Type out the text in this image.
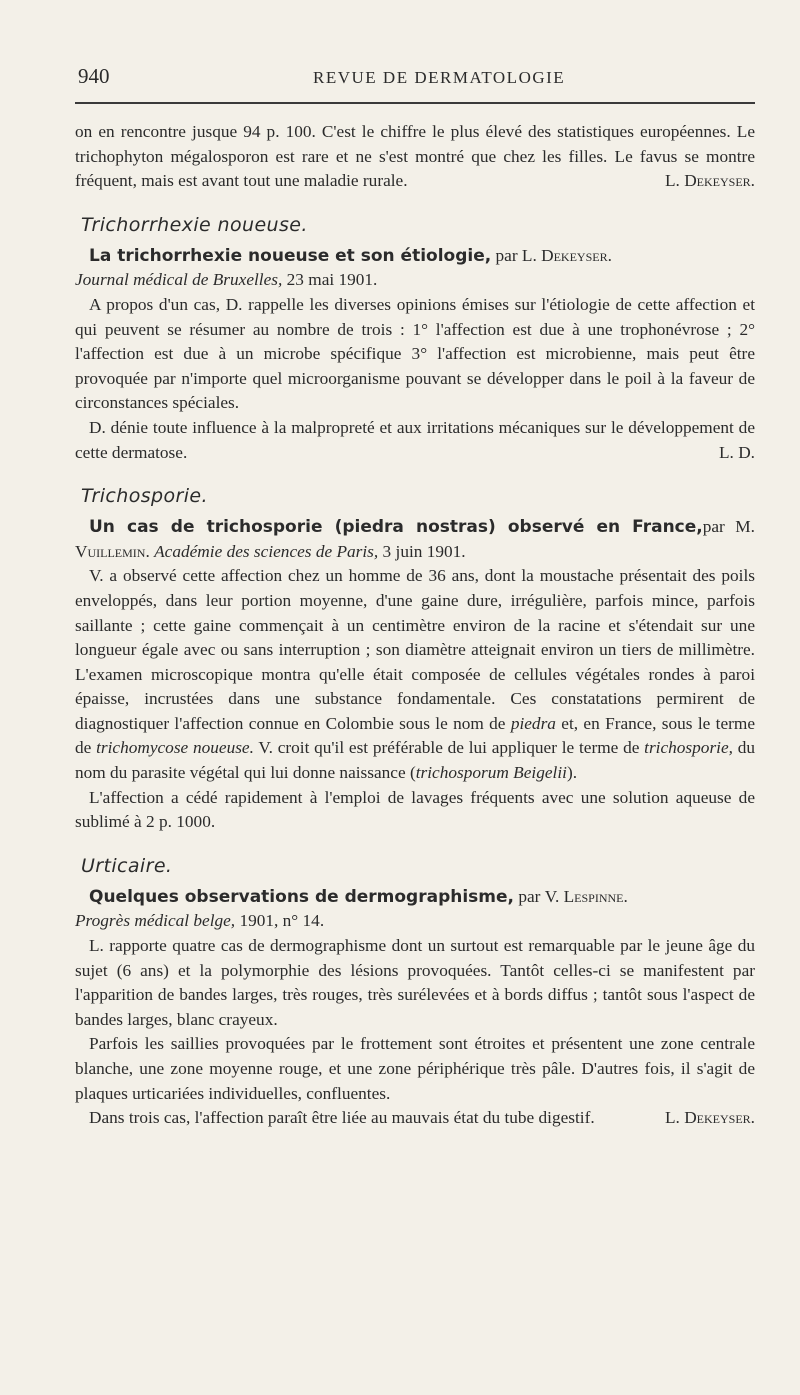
940	REVUE DE DERMATOLOGIE

on en rencontre jusque 94 p. 100. C'est le chiffre le plus élevé des statistiques européennes. Le trichophyton mégalosporon est rare et ne s'est montré que chez les filles. Le favus se montre fréquent, mais est avant tout une maladie rurale.	L. Dekeyser.

Trichorrhexie noueuse.

La trichorrhexie noueuse et son étiologie, par L. Dekeyser.
Journal médical de Bruxelles, 23 mai 1901.

A propos d'un cas, D. rappelle les diverses opinions émises sur l'étiologie de cette affection et qui peuvent se résumer au nombre de trois : 1° l'affection est due à une trophonévrose ; 2° l'affection est due à un microbe spécifique 3° l'affection est microbienne, mais peut être provoquée par n'importe quel microorganisme pouvant se développer dans le poil à la faveur de circonstances spéciales.

D. dénie toute influence à la malpropreté et aux irritations mécaniques sur le développement de cette dermatose.	L. D.

Trichosporie.

Un cas de trichosporie (piedra nostras) observé en France,par M. Vuillemin. Académie des sciences de Paris, 3 juin 1901.

V. a observé cette affection chez un homme de 36 ans, dont la moustache présentait des poils enveloppés, dans leur portion moyenne, d'une gaine dure, irrégulière, parfois mince, parfois saillante ; cette gaine commençait à un centimètre environ de la racine et s'étendait sur une longueur égale avec ou sans interruption ; son diamètre atteignait environ un tiers de millimètre. L'examen microscopique montra qu'elle était composée de cellules végétales rondes à paroi épaisse, incrustées dans une substance fondamentale. Ces constatations permirent de diagnostiquer l'affection connue en Colombie sous le nom de piedra et, en France, sous le terme de trichomycose noueuse. V. croit qu'il est préférable de lui appliquer le terme de trichosporie, du nom du parasite végétal qui lui donne naissance (trichosporum Beigelii).

L'affection a cédé rapidement à l'emploi de lavages fréquents avec une solution aqueuse de sublimé à 2 p. 1000.

Urticaire.

Quelques observations de dermographisme, par V. Lespinne.
Progrès médical belge, 1901, n° 14.

L. rapporte quatre cas de dermographisme dont un surtout est remarquable par le jeune âge du sujet (6 ans) et la polymorphie des lésions provoquées. Tantôt celles-ci se manifestent par l'apparition de bandes larges, très rouges, très surélevées et à bords diffus ; tantôt sous l'aspect de bandes larges, blanc crayeux.

Parfois les saillies provoquées par le frottement sont étroites et présentent une zone centrale blanche, une zone moyenne rouge, et une zone périphérique très pâle. D'autres fois, il s'agit de plaques urticariées individuelles, confluentes.

Dans trois cas, l'affection paraît être liée au mauvais état du tube digestif.	L. Dekeyser.
